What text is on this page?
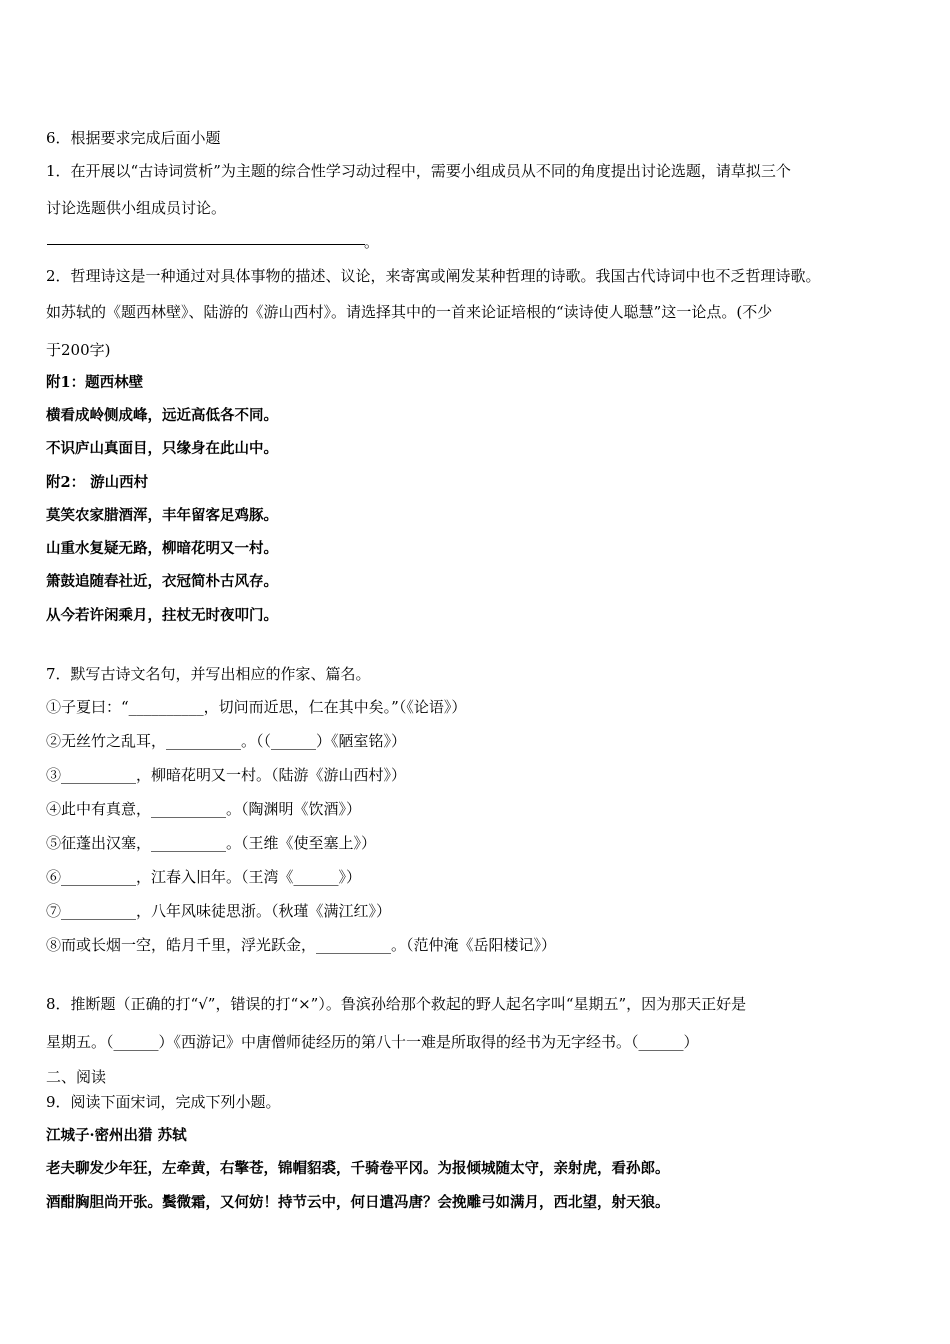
6．根据要求完成后面小题
1．在开展以“古诗词赏析”为主题的综合性学习动过程中，需要小组成员从不同的角度提出讨论选题，请草拟三个
讨论选题供小组成员讨论。
。
2．哲理诗这是一种通过对具体事物的描述、议论，来寄寓或阐发某种哲理的诗歌。我国古代诗词中也不乏哲理诗歌。
如苏轼的《题西林壁》、陆游的《游山西村》。请选择其中的一首来论证培根的“读诗使人聪慧”这一论点。(不少
于200字)
附1：题西林壁
横看成岭侧成峰，远近高低各不同。
不识庐山真面目，只缘身在此山中。
附2： 游山西村
莫笑农家腊酒浑，丰年留客足鸡豚。
山重水复疑无路，柳暗花明又一村。
箫鼓追随春社近，衣冠简朴古风存。
从今若许闲乘月，拄杖无时夜叩门。
7．默写古诗文名句，并写出相应的作家、篇名。
①子夏曰：“__________，切问而近思，仁在其中矣。”（《论语》）
②无丝竹之乱耳，__________。（（______）《陋室铭》）
③__________，柳暗花明又一村。（陆游《游山西村》）
④此中有真意，__________。（陶渊明《饮酒》）
⑤征蓬出汉塞，__________。（王维《使至塞上》）
⑥__________，江春入旧年。（王湾《______》）
⑦__________，八年风味徒思浙。（秋瑾《满江红》）
⑧而或长烟一空，皓月千里，浮光跃金，__________。（范仲淹《岳阳楼记》）
8．推断题（正确的打“√”，错误的打“×”）。鲁滨孙给那个救起的野人起名字叫“星期五”，因为那天正好是
星期五。（______）《西游记》中唐僧师徒经历的第八十一难是所取得的经书为无字经书。（______）
二、阅读
9．阅读下面宋词，完成下列小题。
江城子·密州出猎 苏轼
老夫聊发少年狂，左牵黄，右擎苍，锦帽貂裘，千骑卷平冈。为报倾城随太守，亲射虎，看孙郎。
酒酣胸胆尚开张。鬓微霜，又何妨！持节云中，何日遣冯唐？会挽雕弓如满月，西北望，射天狼。
